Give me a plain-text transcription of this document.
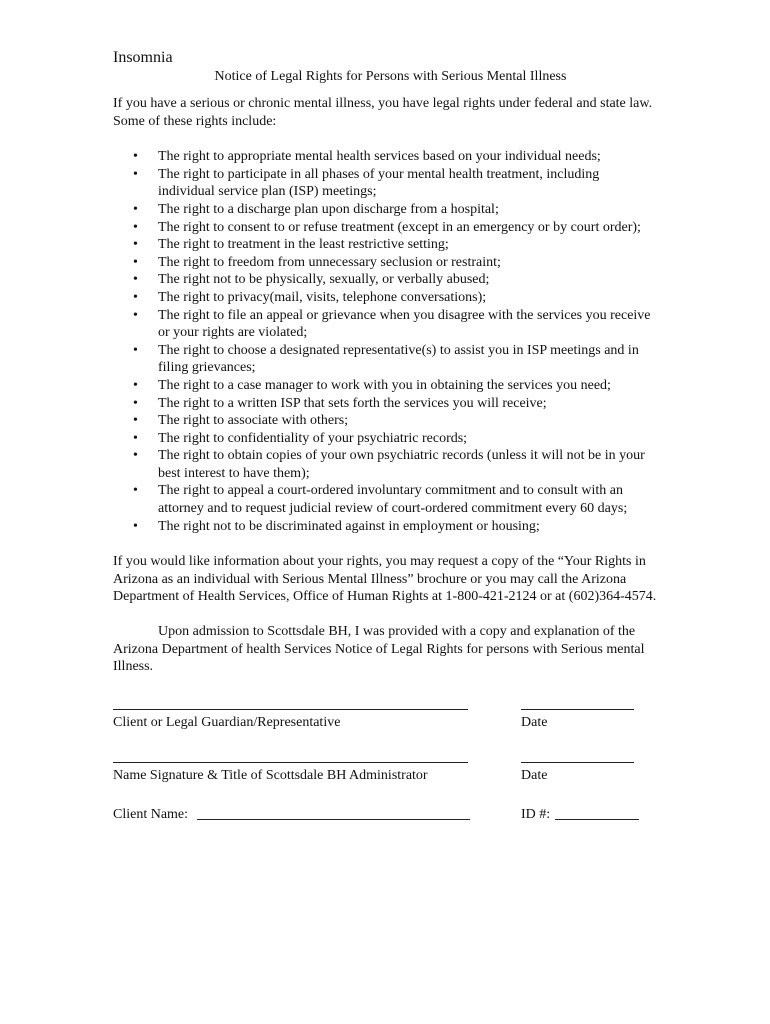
Insomnia

Notice of Legal Rights for Persons with Serious Mental Illness

If you have a serious or chronic mental illness, you have legal rights under federal and state law. Some of these rights include:

• The right to appropriate mental health services based on your individual needs;
• The right to participate in all phases of your mental health treatment, including individual service plan (ISP) meetings;
• The right to a discharge plan upon discharge from a hospital;
• The right to consent to or refuse treatment (except in an emergency or by court order);
• The right to treatment in the least restrictive setting;
• The right to freedom from unnecessary seclusion or restraint;
• The right not to be physically, sexually, or verbally abused;
• The right to privacy(mail, visits, telephone conversations);
• The right to file an appeal or grievance when you disagree with the services you receive or your rights are violated;
• The right to choose a designated representative(s) to assist you in ISP meetings and in filing grievances;
• The right to a case manager to work with you in obtaining the services you need;
• The right to a written ISP that sets forth the services you will receive;
• The right to associate with others;
• The right to confidentiality of your psychiatric records;
• The right to obtain copies of your own psychiatric records (unless it will not be in your best interest to have them);
• The right to appeal a court-ordered involuntary commitment and to consult with an attorney and to request judicial review of court-ordered commitment every 60 days;
• The right not to be discriminated against in employment or housing;

If you would like information about your rights, you may request a copy of the “Your Rights in Arizona as an individual with Serious Mental Illness” brochure or you may call the Arizona Department of Health Services, Office of Human Rights at 1-800-421-2124 or at (602)364-4574.

Upon admission to Scottsdale BH, I was provided with a copy and explanation of the Arizona Department of health Services Notice of Legal Rights for persons with Serious mental Illness.

Client or Legal Guardian/Representative	Date
Name Signature & Title of Scottsdale BH Administrator	Date
Client Name:	ID #:
